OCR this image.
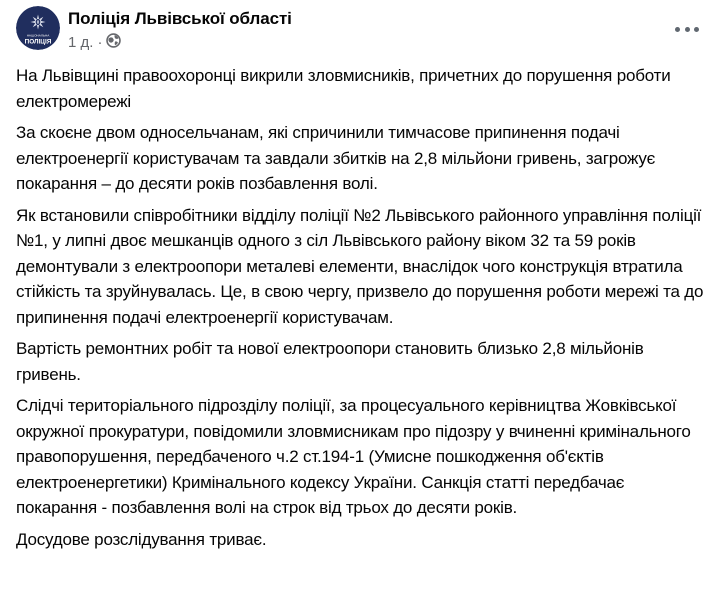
НАЦІОНАЛЬНА
ПОЛІЦІЯ
Поліція Львівської області
1 д. ·

На Львівщині правоохоронці викрили зловмисників, причетних до порушення роботи електромережі

За скоєне двом односельчанам, які спричинили тимчасове припинення подачі електроенергії користувачам та завдали збитків на 2,8 мільйони гривень, загрожує покарання – до десяти років позбавлення волі.

Як встановили співробітники відділу поліції №2 Львівського районного управління поліції №1, у липні двоє мешканців одного з сіл Львівського району віком 32 та 59 років демонтували з електроопори металеві елементи, внаслідок чого конструкція втратила стійкість та зруйнувалась. Це, в свою чергу, призвело до порушення роботи мережі та до припинення подачі електроенергії користувачам.

Вартість ремонтних робіт та нової електроопори становить близько 2,8 мільйонів гривень.

Слідчі територіального підрозділу поліції, за процесуального керівництва Жовківської окружної прокуратури, повідомили зловмисникам про підозру у вчиненні кримінального правопорушення, передбаченого ч.2 ст.194-1 (Умисне пошкодження об'єктів електроенергетики) Кримінального кодексу України. Санкція статті передбачає покарання - позбавлення волі на строк від трьох до десяти років.

Досудове розслідування триває.
